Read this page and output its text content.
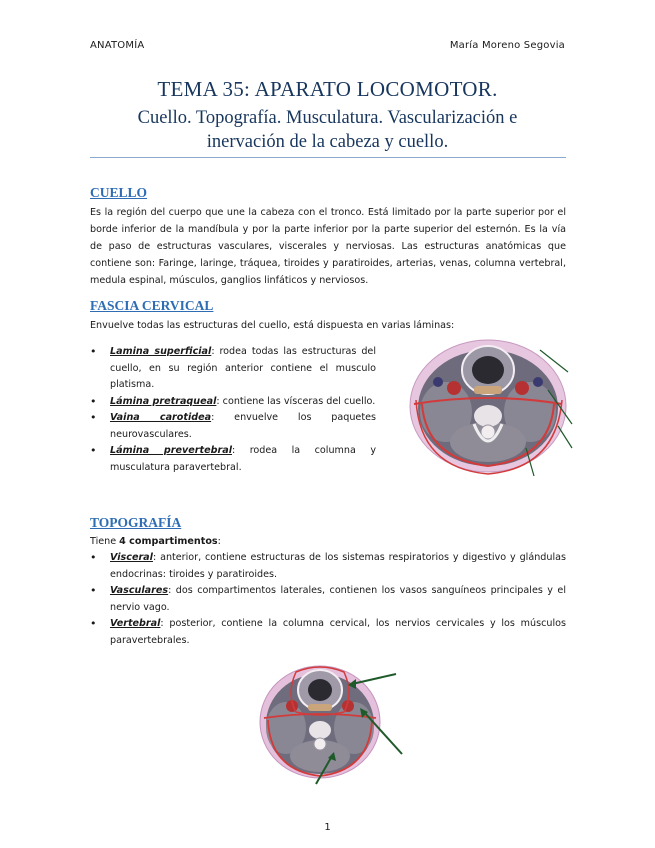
ANATOMÍA	María Moreno Segovia
TEMA 35: APARATO LOCOMOTOR.
Cuello. Topografía. Musculatura. Vascularización e
inervación de la cabeza y cuello.
CUELLO
Es la región del cuerpo que une la cabeza con el tronco. Está limitado por la parte superior por el borde inferior de la mandíbula y por la parte inferior por la parte superior del esternón. Es la vía de paso de estructuras vasculares, viscerales y nerviosas. Las estructuras anatómicas que contiene son: Faringe, laringe, tráquea, tiroides y paratiroides, arterias, venas, columna vertebral, medula espinal, músculos, ganglios linfáticos y nerviosos.
FASCIA CERVICAL
Envuelve todas las estructuras del cuello, está dispuesta en varias láminas:
• Lamina superficial: rodea todas las estructuras del cuello, en su región anterior contiene el musculo platisma.
• Lámina pretraqueal: contiene las vísceras del cuello.
• Vaina carotidea: envuelve los paquetes neurovasculares.
• Lámina prevertebral: rodea la columna y musculatura paravertebral.
TOPOGRAFÍA
Tiene 4 compartimentos:
• Visceral: anterior, contiene estructuras de los sistemas respiratorios y digestivo y glándulas endocrinas: tiroides y paratiroides.
• Vasculares: dos compartimentos laterales, contienen los vasos sanguíneos principales y el nervio vago.
• Vertebral: posterior, contiene la columna cervical, los nervios cervicales y los músculos paravertebrales.
1
